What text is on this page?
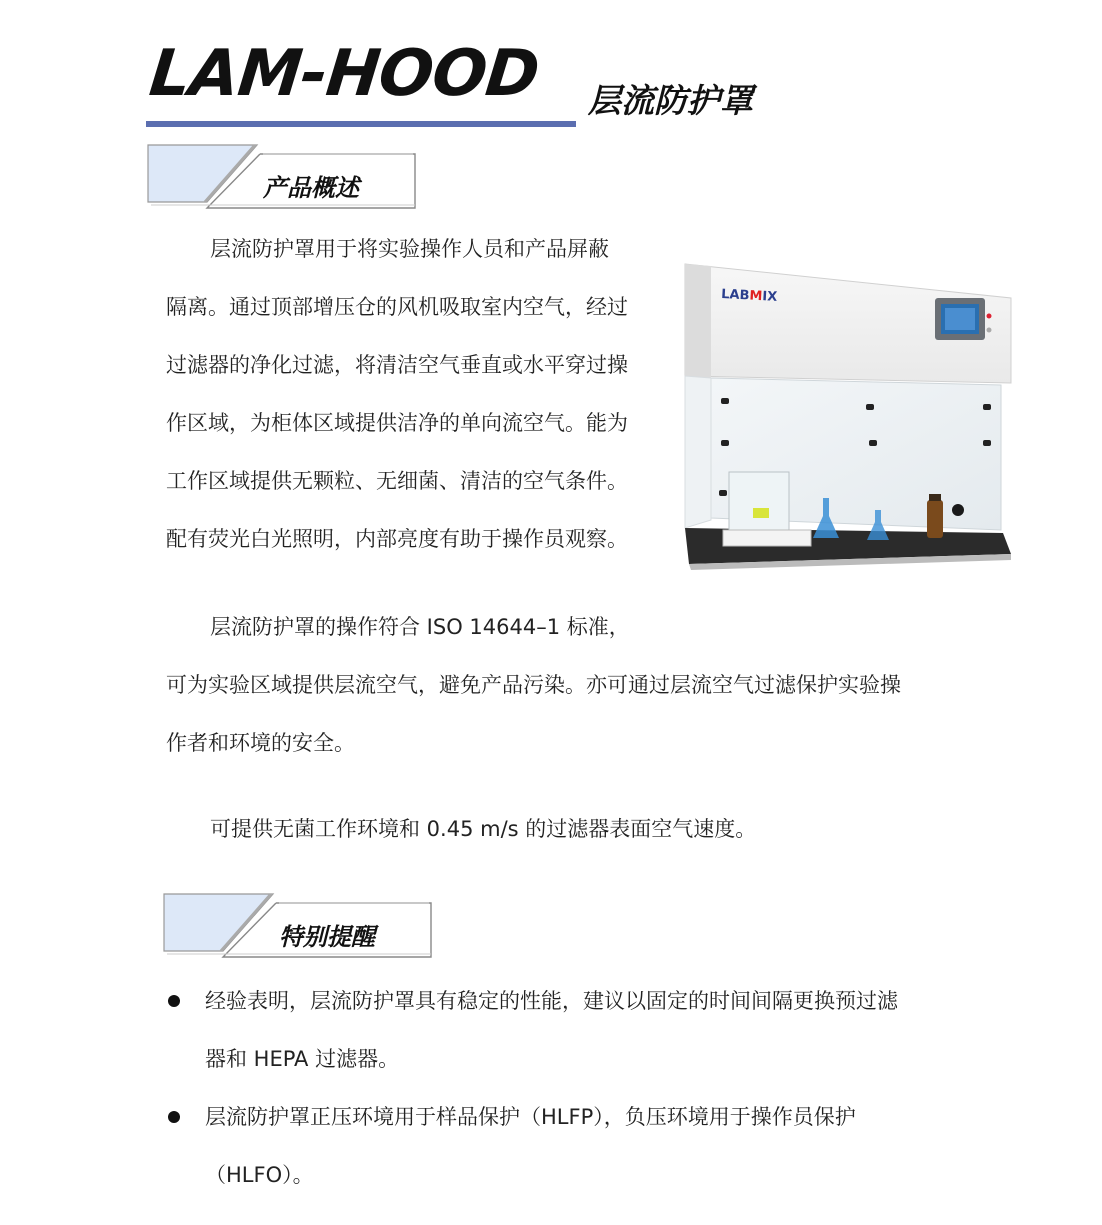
LAM-HOOD 层流防护罩
产品概述
层流防护罩用于将实验操作人员和产品屏蔽
隔离。通过顶部增压仓的风机吸取室内空气，经过
过滤器的净化过滤，将清洁空气垂直或水平穿过操
作区域，为柜体区域提供洁净的单向流空气。能为
工作区域提供无颗粒、无细菌、清洁的空气条件。
配有荧光白光照明，内部亮度有助于操作员观察。
LABMIX
层流防护罩的操作符合 ISO 14644–1 标准，
可为实验区域提供层流空气，避免产品污染。亦可通过层流空气过滤保护实验操
作者和环境的安全。
可提供无菌工作环境和 0.45 m/s 的过滤器表面空气速度。
特别提醒
经验表明，层流防护罩具有稳定的性能，建议以固定的时间间隔更换预过滤
器和 HEPA 过滤器。
层流防护罩正压环境用于样品保护（HLFP），负压环境用于操作员保护
（HLFO）。
